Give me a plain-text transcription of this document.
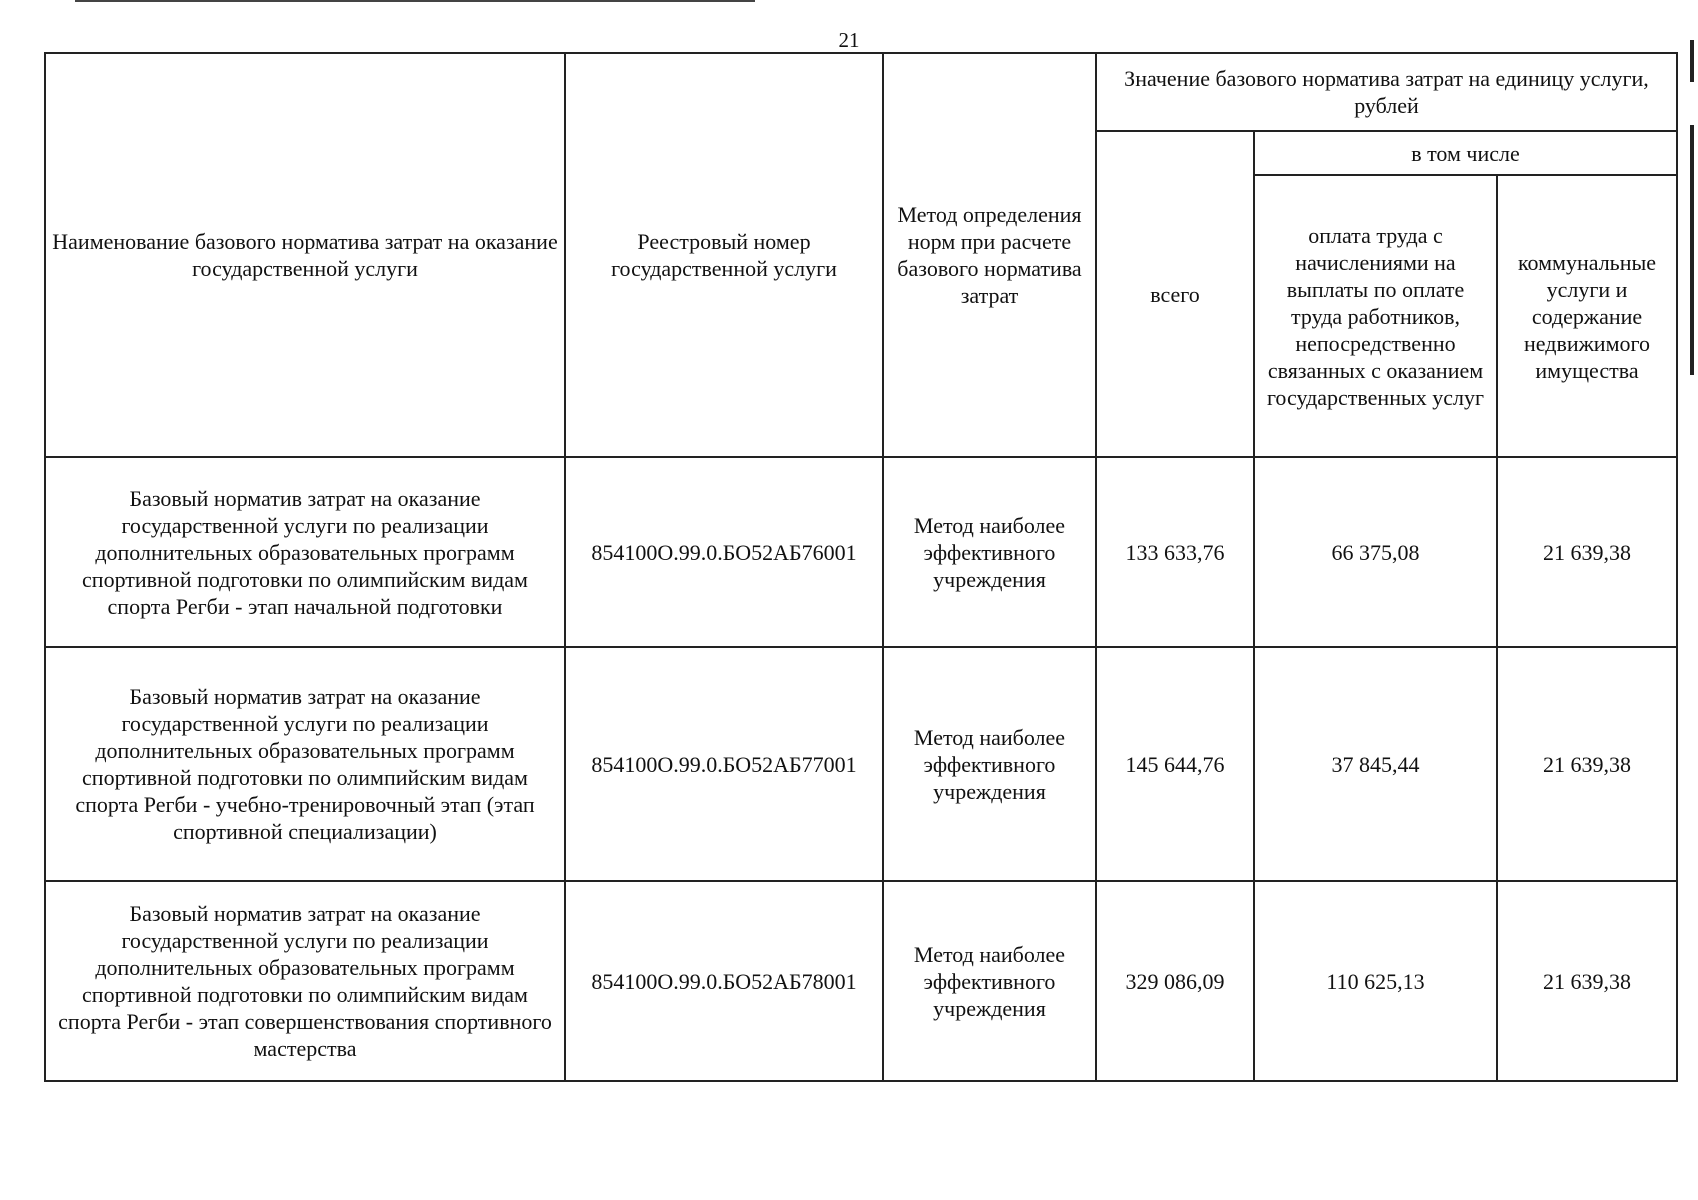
21
Наименование базового норматива затрат на оказание государственной услуги	Реестровый номер государственной услуги	Метод определения норм при расчете базового норматива затрат	Значение базового норматива затрат на единицу услуги, рублей		
			всего	в том числе	
				оплата труда с начислениями на выплаты по оплате труда работников, непосредственно связанных с оказанием государственных услуг	коммунальные услуги и содержание недвижимого имущества
Базовый норматив затрат на оказание государственной услуги по реализации дополнительных образовательных программ спортивной подготовки по олимпийским видам спорта Регби - этап начальной подготовки	854100О.99.0.БО52АБ76001	Метод наиболее эффективного учреждения	133 633,76	66 375,08	21 639,38
Базовый норматив затрат на оказание государственной услуги по реализации дополнительных образовательных программ спортивной подготовки по олимпийским видам спорта Регби - учебно-тренировочный этап (этап спортивной специализации)	854100О.99.0.БО52АБ77001	Метод наиболее эффективного учреждения	145 644,76	37 845,44	21 639,38
Базовый норматив затрат на оказание государственной услуги по реализации дополнительных образовательных программ спортивной подготовки по олимпийским видам спорта Регби - этап совершенствования спортивного мастерства	854100О.99.0.БО52АБ78001	Метод наиболее эффективного учреждения	329 086,09	110 625,13	21 639,38
